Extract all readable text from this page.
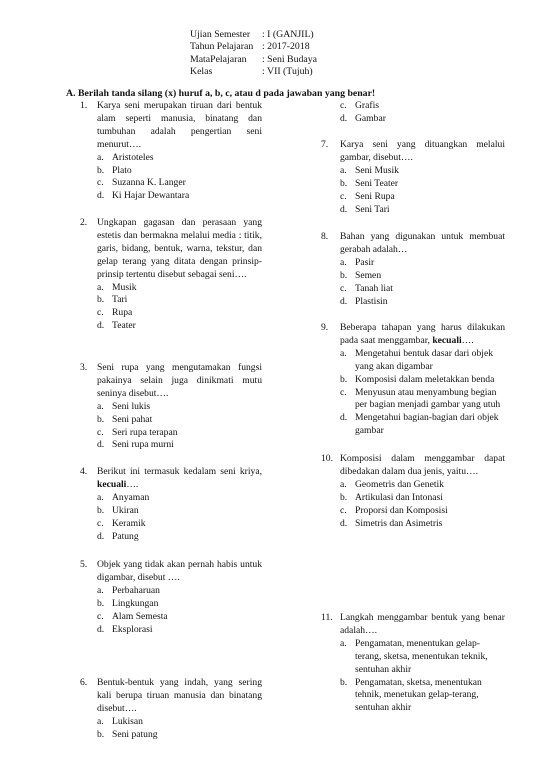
Ujian Semester	: I (GANJIL)
Tahun Pelajaran : 2017-2018
MataPelajaran	: Seni Budaya
Kelas	: VII (Tujuh)
A. Berilah tanda silang (x) huruf a, b, c, atau d pada jawaban yang benar!
1. Karya seni merupakan tiruan dari bentuk alam seperti manusia, binatang dan tumbuhan adalah pengertian seni menurut….
a. Aristoteles
b. Plato
c. Suzanna K. Langer
d. Ki Hajar Dewantara
2. Ungkapan gagasan dan perasaan yang estetis dan bermakna melalui media : titik, garis, bidang, bentuk, warna, tekstur, dan gelap terang yang ditata dengan prinsip-prinsip tertentu disebut sebagai seni….
a. Musik
b. Tari
c. Rupa
d. Teater
3. Seni rupa yang mengutamakan fungsi pakainya selain juga dinikmati mutu seninya disebut….
a. Seni lukis
b. Seni pahat
c. Seri rupa terapan
d. Seni rupa murni
4. Berikut ini termasuk kedalam seni kriya, kecuali….
a. Anyaman
b. Ukiran
c. Keramik
d. Patung
5. Objek yang tidak akan pernah habis untuk digambar, disebut ….
a. Perbaharuan
b. Lingkungan
c. Alam Semesta
d. Eksplorasi
6. Bentuk-bentuk yang indah, yang sering kali berupa tiruan manusia dan binatang disebut….
a. Lukisan
b. Seni patung
c. Grafis
d. Gambar
7. Karya seni yang dituangkan melalui gambar, disebut….
a. Seni Musik
b. Seni Teater
c. Seni Rupa
d. Seni Tari
8. Bahan yang digunakan untuk membuat gerabah adalah…
a. Pasir
b. Semen
c. Tanah liat
d. Plastisin
9. Beberapa tahapan yang harus dilakukan pada saat menggambar, kecuali….
a. Mengetahui bentuk dasar dari objek yang akan digambar
b. Komposisi dalam meletakkan benda
c. Menyusun atau menyambung begian per bagian menjadi gambar yang utuh
d. Mengetahui bagian-bagian dari objek gambar
10. Komposisi dalam menggambar dapat dibedakan dalam dua jenis, yaitu….
a. Geometris dan Genetik
b. Artikulasi dan Intonasi
c. Proporsi dan Komposisi
d. Simetris dan Asimetris
11. Langkah menggambar bentuk yang benar adalah….
a. Pengamatan, menentukan gelap-terang, sketsa, menentukan teknik, sentuhan akhir
b. Pengamatan, sketsa, menentukan tehnik, menetukan gelap-terang, sentuhan akhir
